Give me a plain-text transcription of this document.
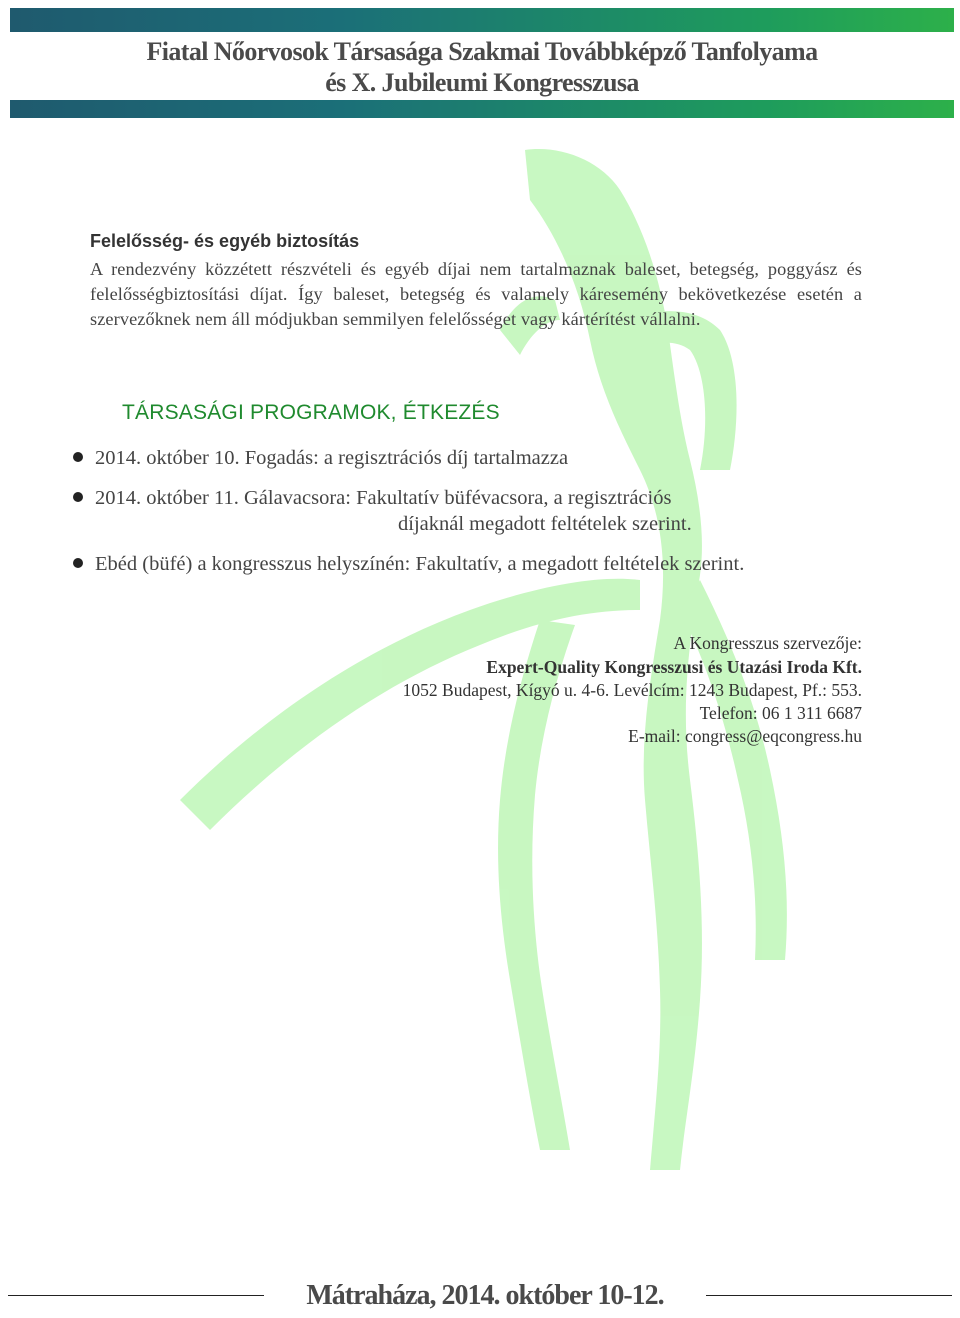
Fiatal Nőorvosok Társasága Szakmai Továbbképző Tanfolyama
és X. Jubileumi Kongresszusa
Felelősség- és egyéb biztosítás
A rendezvény közzétett részvételi és egyéb díjai nem tartalmaznak baleset, betegség, poggyász és felelősségbiztosítási díjat. Így baleset, betegség és valamely káresemény bekövetkezése esetén a szervezőknek nem áll módjukban semmilyen felelősséget vagy kártérítést vállalni.
TÁRSASÁGI PROGRAMOK, ÉTKEZÉS
2014. október 10. Fogadás: a regisztrációs díj tartalmazza
2014. október 11. Gálavacsora: Fakultatív büfévacsora, a regisztrációs
díjaknál megadott feltételek szerint.
Ebéd (büfé) a kongresszus helyszínén: Fakultatív, a megadott feltételek szerint.
A Kongresszus szervezője:
Expert-Quality Kongresszusi és Utazási Iroda Kft.
1052 Budapest, Kígyó u. 4-6. Levélcím: 1243 Budapest, Pf.: 553.
Telefon: 06 1 311 6687
E-mail: congress@eqcongress.hu
Mátraháza, 2014. október 10-12.
